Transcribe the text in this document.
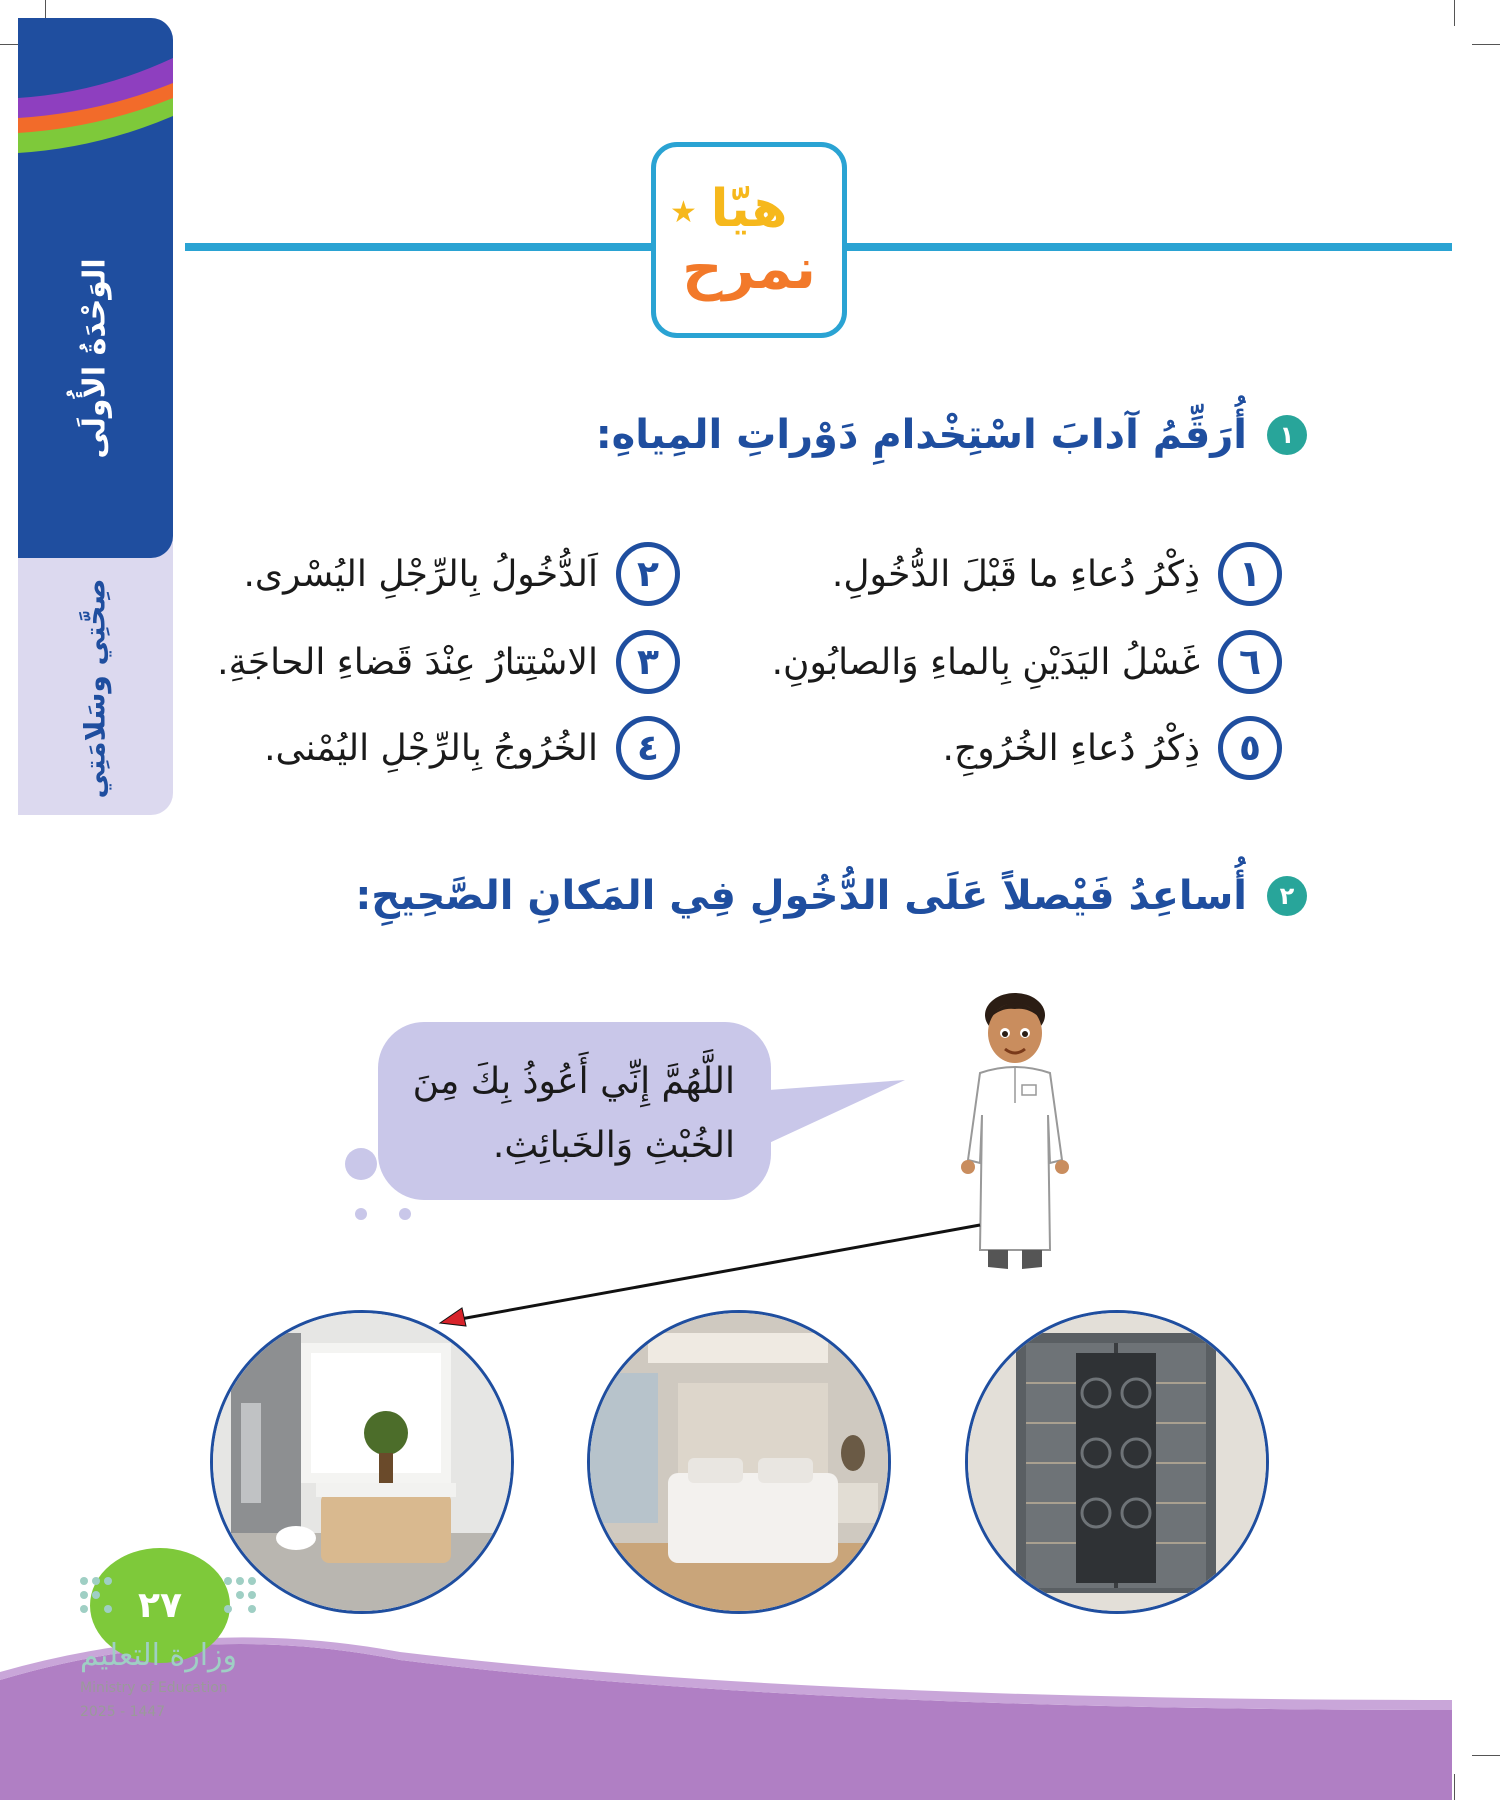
الوَحْدَةُ الأُولَى
صِحَّتِي وسَلامَتِي
★ هيّا
نمرح
١
أُرَقِّمُ آدابَ اسْتِخْدامِ دَوْراتِ المِياهِ:
١
ذِكْرُ دُعاءِ ما قَبْلَ الدُّخُولِ.
٢
اَلدُّخُولُ بِالرِّجْلِ اليُسْرى.
٦
غَسْلُ اليَدَيْنِ بِالماءِ وَالصابُونِ.
٣
الاسْتِتارُ عِنْدَ قَضاءِ الحاجَةِ.
٥
ذِكْرُ دُعاءِ الخُرُوجِ.
٤
الخُرُوجُ بِالرِّجْلِ اليُمْنى.
٢
أُساعِدُ فَيْصلاً عَلَى الدُّخُولِ فِي المَكانِ الصَّحِيحِ:
اللَّهُمَّ إِنِّي أَعُوذُ بِكَ مِنَ
الخُبْثِ وَالخَبائِثِ.
٢٧
وزارة التعليم
Ministry of Education
2025 - 1447
